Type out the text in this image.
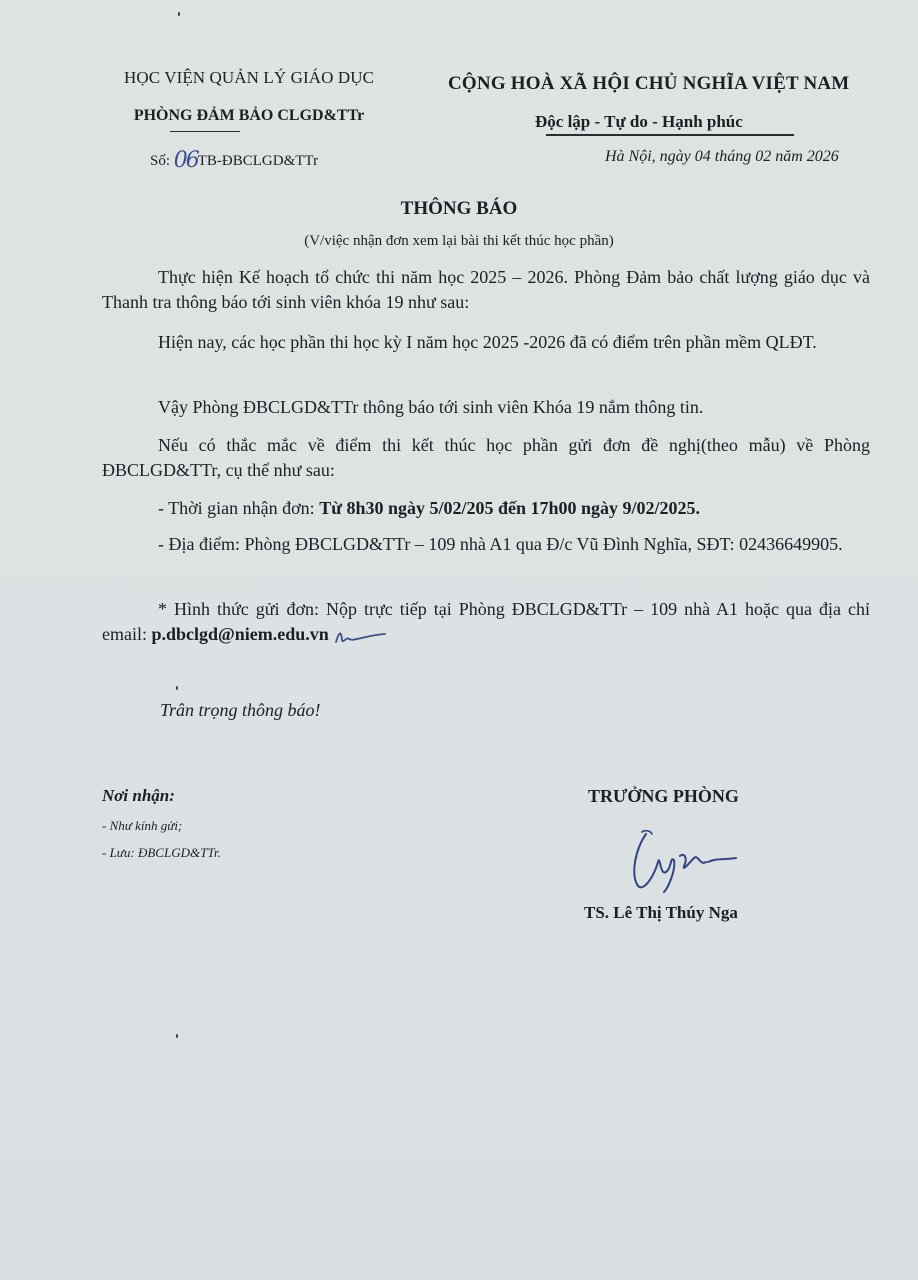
HỌC VIỆN QUẢN LÝ GIÁO DỤC
PHÒNG ĐẢM BẢO CLGD&TTr
Số: 06TB-ĐBCLGD&TTr
CỘNG HOÀ XÃ HỘI CHỦ NGHĨA VIỆT NAM
Độc lập - Tự do - Hạnh phúc
Hà Nội, ngày 04 tháng 02 năm 2026
THÔNG BÁO
(V/việc nhận đơn xem lại bài thi kết thúc học phần)
Thực hiện Kế hoạch tổ chức thi năm học 2025 – 2026. Phòng Đảm bảo chất lượng giáo dục và Thanh tra thông báo tới sinh viên khóa 19 như sau:
Hiện nay, các học phần thi học kỳ I năm học 2025 -2026 đã có điểm trên phần mềm QLĐT.
Vậy Phòng ĐBCLGD&TTr thông báo tới sinh viên Khóa 19 nắm thông tin.
Nếu có thắc mắc về điểm thi kết thúc học phần gửi đơn đề nghị(theo mẫu) về Phòng ĐBCLGD&TTr, cụ thể như sau:
- Thời gian nhận đơn: Từ 8h30 ngày 5/02/205 đến 17h00 ngày 9/02/2025.
- Địa điểm: Phòng ĐBCLGD&TTr – 109 nhà A1 qua Đ/c Vũ Đình Nghĩa, SĐT: 02436649905.
* Hình thức gửi đơn: Nộp trực tiếp tại Phòng ĐBCLGD&TTr – 109 nhà A1 hoặc qua địa chỉ email: p.dbclgd@niem.edu.vn
Trân trọng thông báo!
Nơi nhận:
- Như kính gửi;
- Lưu: ĐBCLGD&TTr.
TRƯỞNG PHÒNG
TS. Lê Thị Thúy Nga
